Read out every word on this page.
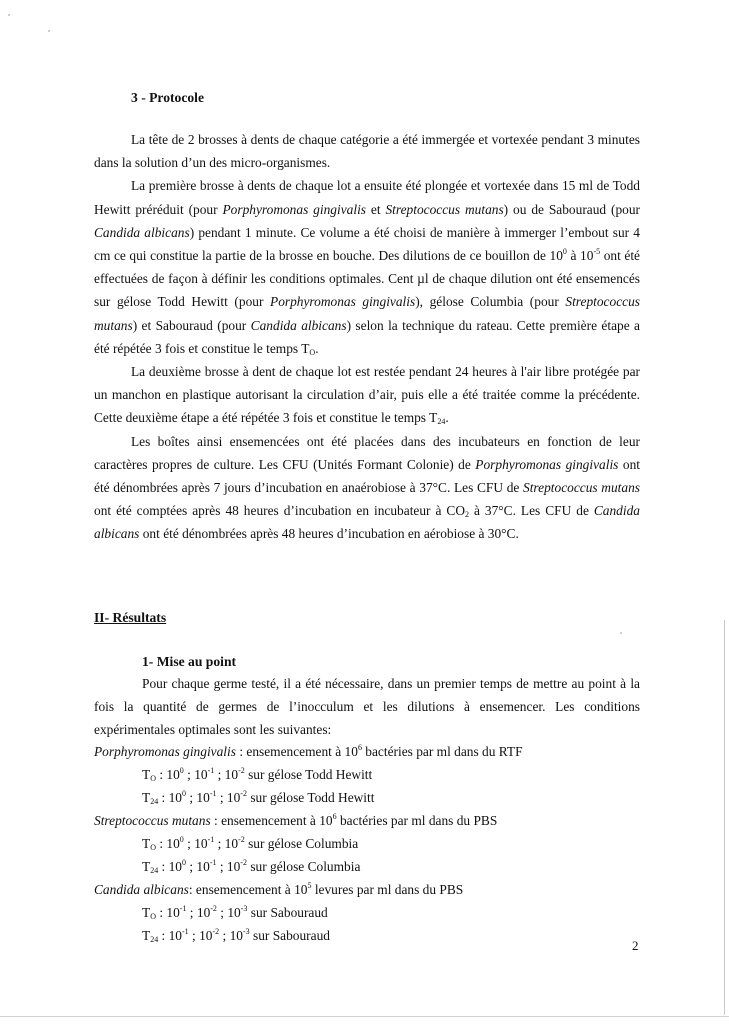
3 - Protocole

La tête de 2 brosses à dents de chaque catégorie a été immergée et vortexée pendant 3 minutes dans la solution d’un des micro-organismes.

La première brosse à dents de chaque lot a ensuite été plongée et vortexée dans 15 ml de Todd Hewitt préréduit (pour Porphyromonas gingivalis et Streptococcus mutans) ou de Sabouraud (pour Candida albicans) pendant 1 minute. Ce volume a été choisi de manière à immerger l’embout sur 4 cm ce qui constitue la partie de la brosse en bouche. Des dilutions de ce bouillon de $10^0$ à $10^{-5}$ ont été effectuées de façon à définir les conditions optimales. Cent µl de chaque dilution ont été ensemencés sur gélose Todd Hewitt (pour Porphyromonas gingivalis), gélose Columbia (pour Streptococcus mutans) et Sabouraud (pour Candida albicans) selon la technique du rateau. Cette première étape a été répétée 3 fois et constitue le temps $T_O$.

La deuxième brosse à dent de chaque lot est restée pendant 24 heures à l'air libre protégée par un manchon en plastique autorisant la circulation d’air, puis elle a été traitée comme la précédente. Cette deuxième étape a été répétée 3 fois et constitue le temps $T_{24}$.

Les boîtes ainsi ensemencées ont été placées dans des incubateurs en fonction de leur caractères propres de culture. Les CFU (Unités Formant Colonie) de Porphyromonas gingivalis ont été dénombrées après 7 jours d’incubation en anaérobiose à 37°C. Les CFU de Streptococcus mutans ont été comptées après 48 heures d’incubation en incubateur à $CO_2$ à 37°C. Les CFU de Candida albicans ont été dénombrées après 48 heures d’incubation en aérobiose à 30°C.

II- Résultats
1- Mise au point

Pour chaque germe testé, il a été nécessaire, dans un premier temps de mettre au point à la fois la quantité de germes de l’inocculum et les dilutions à ensemencer. Les conditions expérimentales optimales sont les suivantes:

Porphyromonas gingivalis : ensemencement à $10^6$ bactéries par ml dans du RTF
$T_O$ : $10^0$ ; $10^{-1}$ ; $10^{-2}$ sur gélose Todd Hewitt
$T_{24}$ : $10^0$ ; $10^{-1}$ ; $10^{-2}$ sur gélose Todd Hewitt
Streptococcus mutans : ensemencement à $10^6$ bactéries par ml dans du PBS
$T_O$ : $10^0$ ; $10^{-1}$ ; $10^{-2}$ sur gélose Columbia
$T_{24}$ : $10^0$ ; $10^{-1}$ ; $10^{-2}$ sur gélose Columbia
Candida albicans: ensemencement à $10^5$ levures par ml dans du PBS
$T_O$ : $10^{-1}$ ; $10^{-2}$ ; $10^{-3}$ sur Sabouraud
$T_{24}$ : $10^{-1}$ ; $10^{-2}$ ; $10^{-3}$ sur Sabouraud
2
